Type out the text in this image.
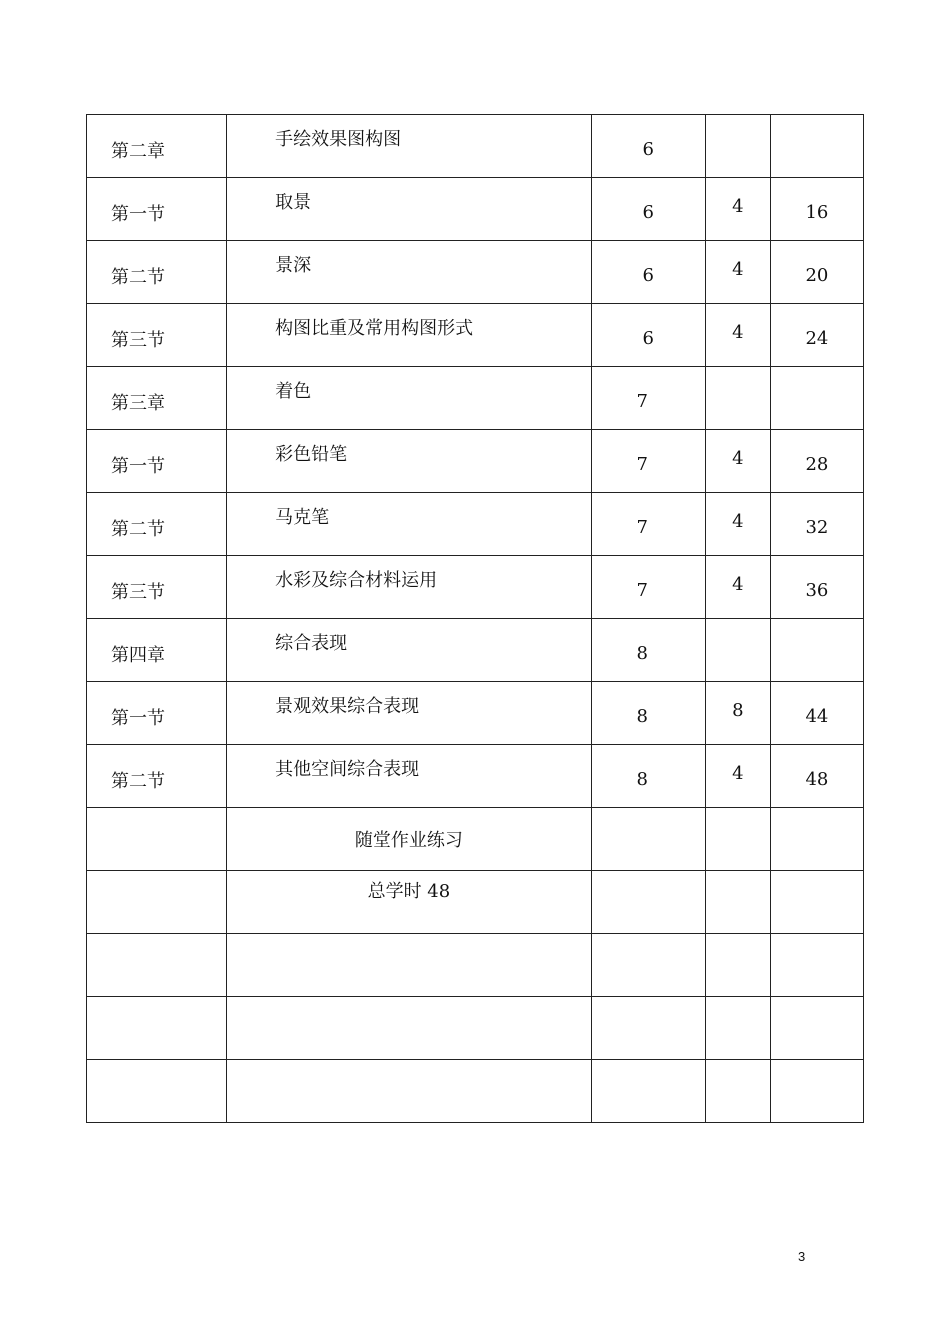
第二章	手绘效果图构图	6		

第一节	取景	6	4	16

第二节	景深	6	4	20

第三节	构图比重及常用构图形式	6	4	24

第三章	着色	7		

第一节	彩色铅笔	7	4	28

第二节	马克笔	7	4	32

第三节	水彩及综合材料运用	7	4	36

第四章	综合表现	8		

第一节	景观效果综合表现	8	8	44

第二节	其他空间综合表现	8	4	48

	随堂作业练习			

	总学时 48			

3
